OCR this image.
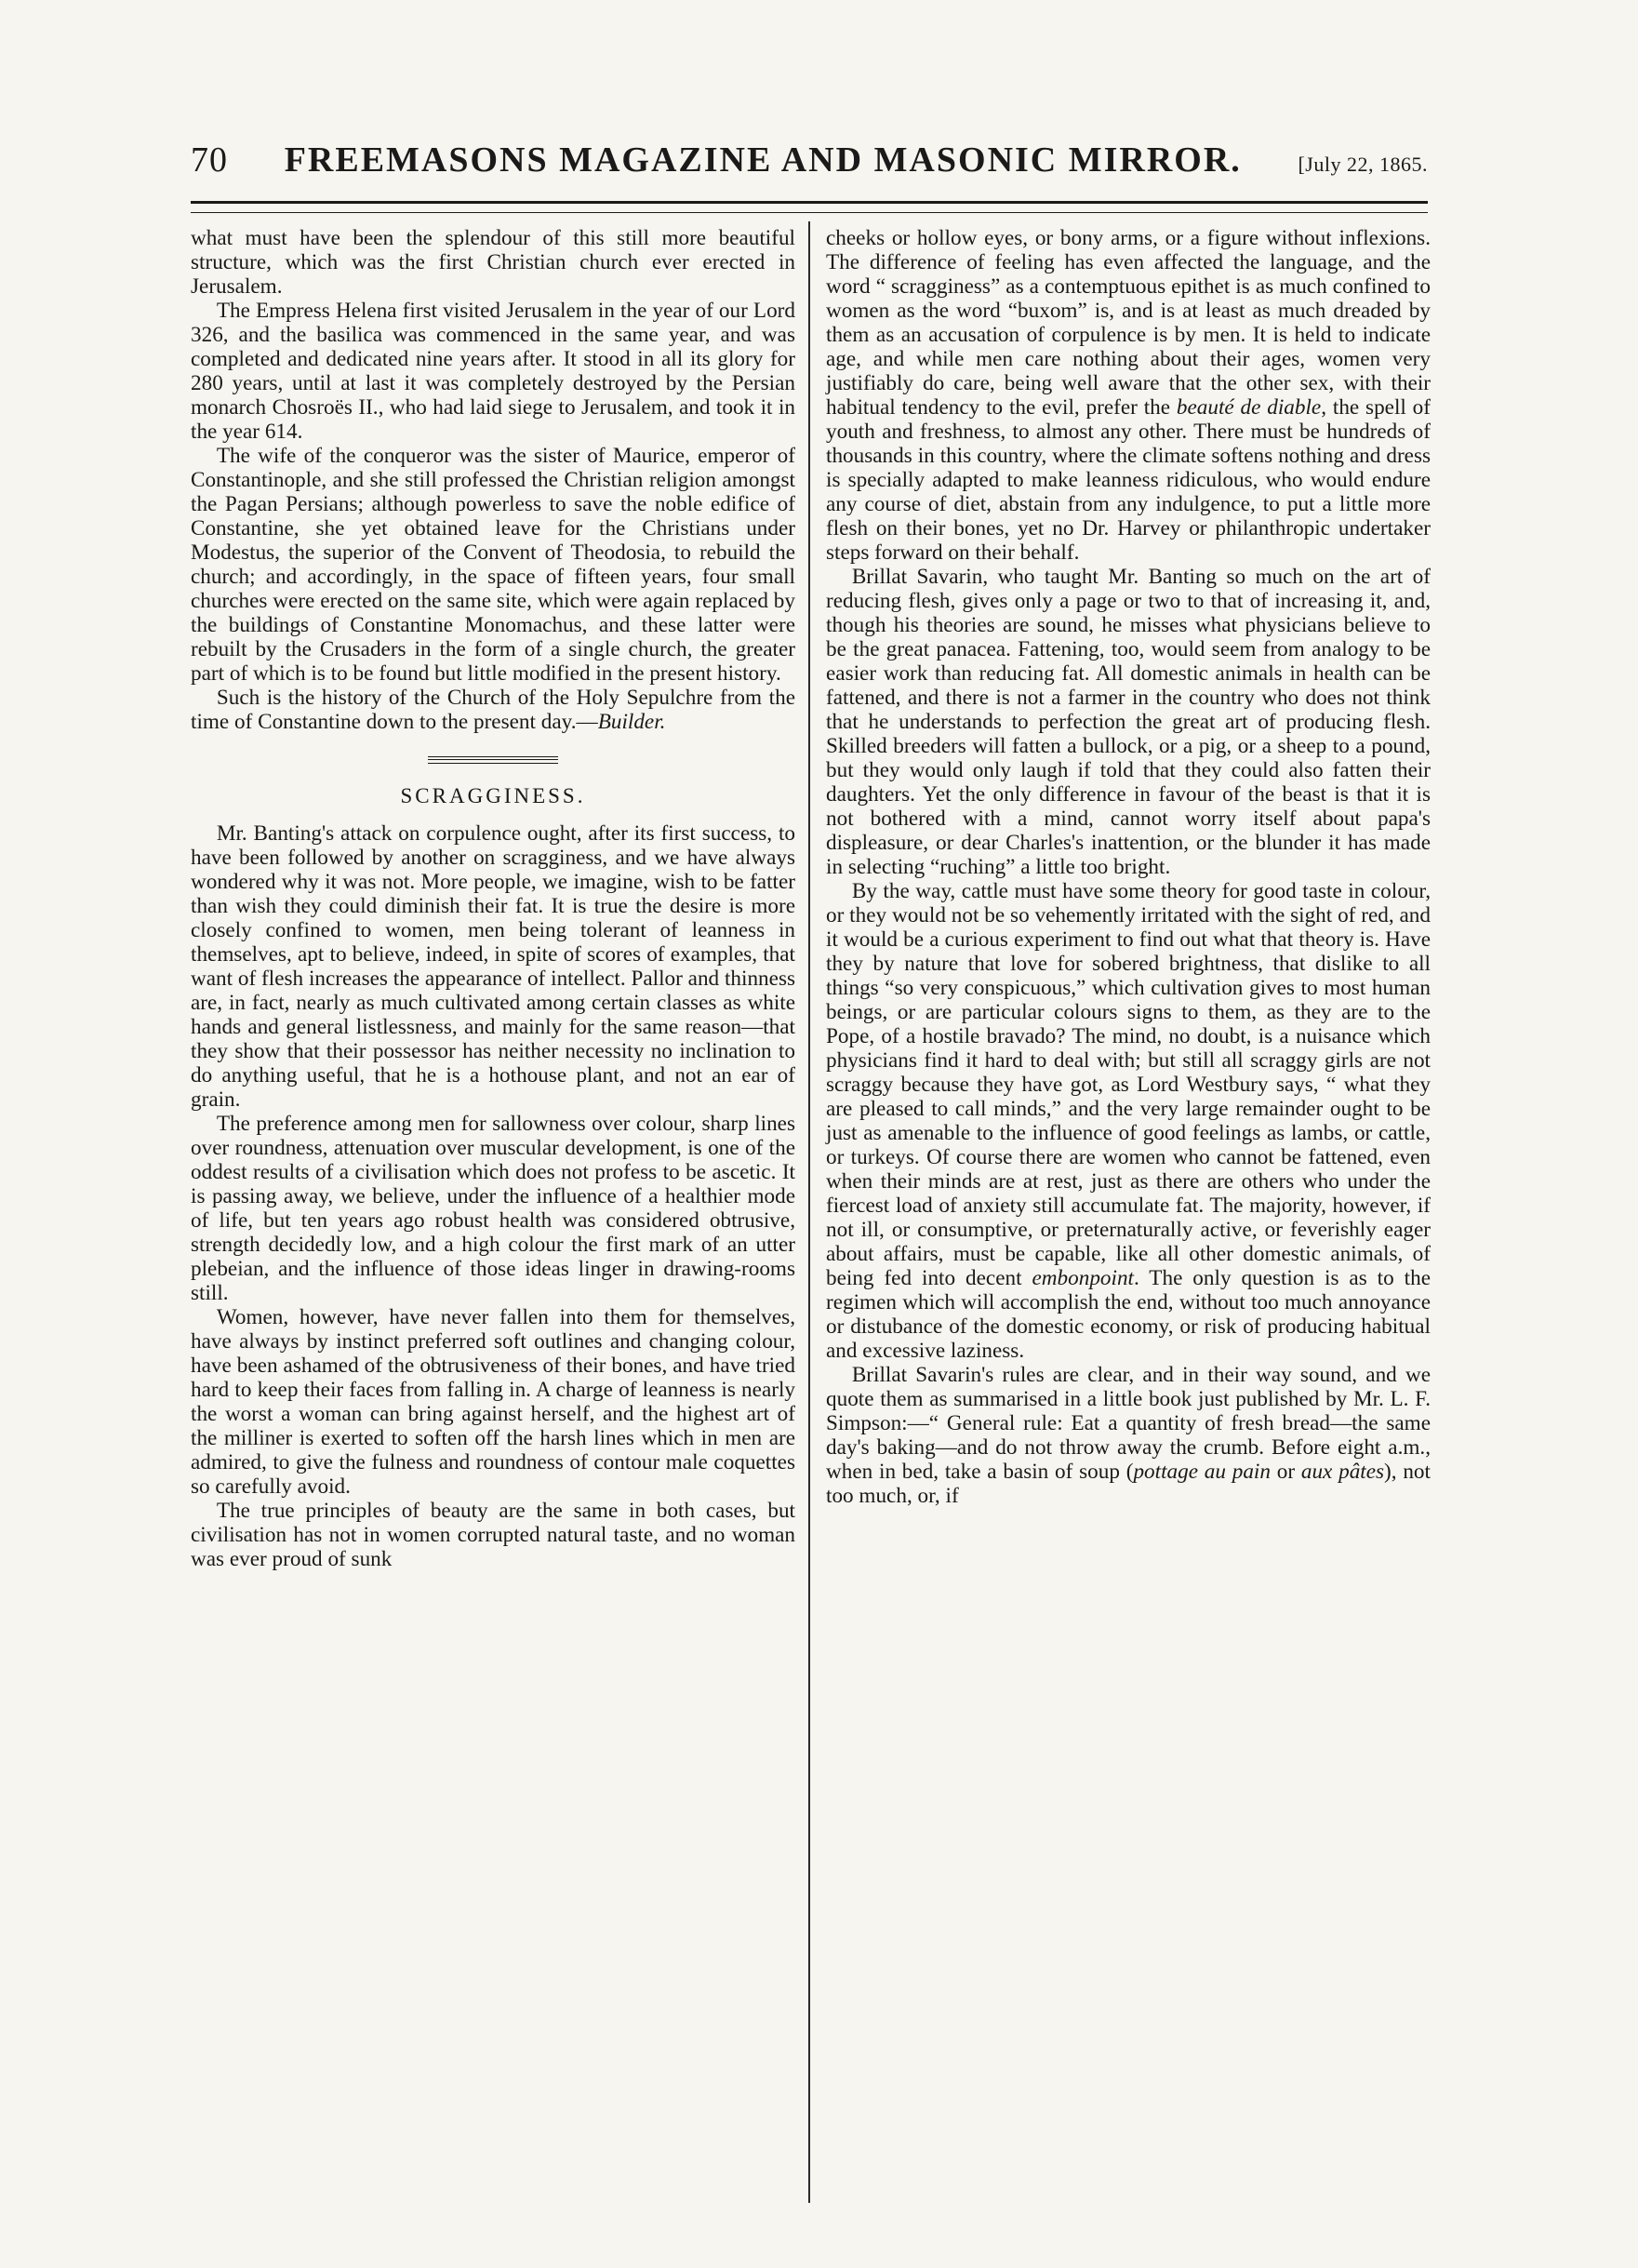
70 FREEMASONS MAGAZINE AND MASONIC MIRROR.	[July 22, 1865.

what must have been the splendour of this still more beautiful structure, which was the first Christian church ever erected in Jerusalem.

The Empress Helena first visited Jerusalem in the year of our Lord 326, and the basilica was commenced in the same year, and was completed and dedicated nine years after. It stood in all its glory for 280 years, until at last it was completely destroyed by the Persian monarch Chosroës II., who had laid siege to Jerusalem, and took it in the year 614.

The wife of the conqueror was the sister of Maurice, emperor of Constantinople, and she still professed the Christian religion amongst the Pagan Persians; although powerless to save the noble edifice of Constantine, she yet obtained leave for the Christians under Modestus, the superior of the Convent of Theodosia, to rebuild the church; and accordingly, in the space of fifteen years, four small churches were erected on the same site, which were again replaced by the buildings of Constantine Monomachus, and these latter were rebuilt by the Crusaders in the form of a single church, the greater part of which is to be found but little modified in the present history.

Such is the history of the Church of the Holy Sepulchre from the time of Constantine down to the present day.—Builder.

SCRAGGINESS.

Mr. Banting's attack on corpulence ought, after its first success, to have been followed by another on scragginess, and we have always wondered why it was not. More people, we imagine, wish to be fatter than wish they could diminish their fat. It is true the desire is more closely confined to women, men being tolerant of leanness in themselves, apt to believe, indeed, in spite of scores of examples, that want of flesh increases the appearance of intellect. Pallor and thinness are, in fact, nearly as much cultivated among certain classes as white hands and general listlessness, and mainly for the same reason—that they show that their possessor has neither necessity no inclination to do anything useful, that he is a hothouse plant, and not an ear of grain.

The preference among men for sallowness over colour, sharp lines over roundness, attenuation over muscular development, is one of the oddest results of a civilisation which does not profess to be ascetic. It is passing away, we believe, under the influence of a healthier mode of life, but ten years ago robust health was considered obtrusive, strength decidedly low, and a high colour the first mark of an utter plebeian, and the influence of those ideas linger in drawing-rooms still.

Women, however, have never fallen into them for themselves, have always by instinct preferred soft outlines and changing colour, have been ashamed of the obtrusiveness of their bones, and have tried hard to keep their faces from falling in. A charge of leanness is nearly the worst a woman can bring against herself, and the highest art of the milliner is exerted to soften off the harsh lines which in men are admired, to give the fulness and roundness of contour male coquettes so carefully avoid.

The true principles of beauty are the same in both cases, but civilisation has not in women corrupted natural taste, and no woman was ever proud of sunk

cheeks or hollow eyes, or bony arms, or a figure without inflexions. The difference of feeling has even affected the language, and the word “ scragginess” as a contemptuous epithet is as much confined to women as the word “buxom” is, and is at least as much dreaded by them as an accusation of corpulence is by men. It is held to indicate age, and while men care nothing about their ages, women very justifiably do care, being well aware that the other sex, with their habitual tendency to the evil, prefer the beauté de diable, the spell of youth and freshness, to almost any other. There must be hundreds of thousands in this country, where the climate softens nothing and dress is specially adapted to make leanness ridiculous, who would endure any course of diet, abstain from any indulgence, to put a little more flesh on their bones, yet no Dr. Harvey or philanthropic undertaker steps forward on their behalf.

Brillat Savarin, who taught Mr. Banting so much on the art of reducing flesh, gives only a page or two to that of increasing it, and, though his theories are sound, he misses what physicians believe to be the great panacea. Fattening, too, would seem from analogy to be easier work than reducing fat. All domestic animals in health can be fattened, and there is not a farmer in the country who does not think that he understands to perfection the great art of producing flesh. Skilled breeders will fatten a bullock, or a pig, or a sheep to a pound, but they would only laugh if told that they could also fatten their daughters. Yet the only difference in favour of the beast is that it is not bothered with a mind, cannot worry itself about papa's displeasure, or dear Charles's inattention, or the blunder it has made in selecting “ruching” a little too bright.

By the way, cattle must have some theory for good taste in colour, or they would not be so vehemently irritated with the sight of red, and it would be a curious experiment to find out what that theory is. Have they by nature that love for sobered brightness, that dislike to all things “so very conspicuous,” which cultivation gives to most human beings, or are particular colours signs to them, as they are to the Pope, of a hostile bravado? The mind, no doubt, is a nuisance which physicians find it hard to deal with; but still all scraggy girls are not scraggy because they have got, as Lord Westbury says, “ what they are pleased to call minds,” and the very large remainder ought to be just as amenable to the influence of good feelings as lambs, or cattle, or turkeys. Of course there are women who cannot be fattened, even when their minds are at rest, just as there are others who under the fiercest load of anxiety still accumulate fat. The majority, however, if not ill, or consumptive, or preternaturally active, or feverishly eager about affairs, must be capable, like all other domestic animals, of being fed into decent embonpoint. The only question is as to the regimen which will accomplish the end, without too much annoyance or distubance of the domestic economy, or risk of producing habitual and excessive laziness.

Brillat Savarin's rules are clear, and in their way sound, and we quote them as summarised in a little book just published by Mr. L. F. Simpson:—“ General rule: Eat a quantity of fresh bread—the same day's baking—and do not throw away the crumb. Before eight a.m., when in bed, take a basin of soup (pottage au pain or aux pâtes), not too much, or, if
